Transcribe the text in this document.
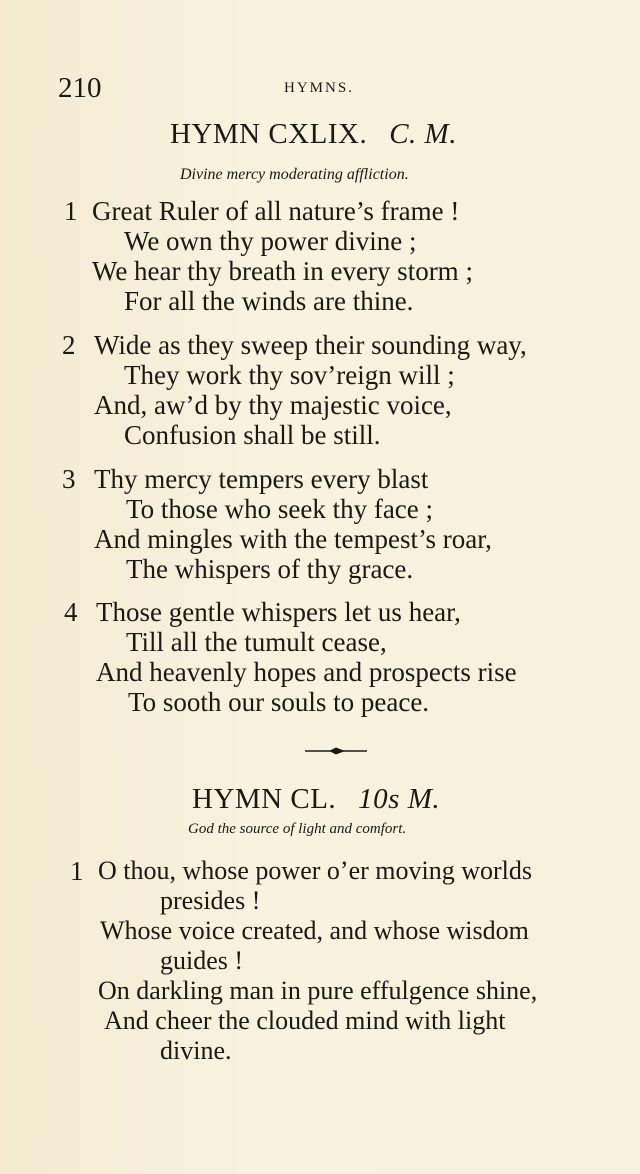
210	HYMNS.
HYMN CXLIX. C. M.
Divine mercy moderating affliction.
1 Great Ruler of all nature’s frame !
We own thy power divine ;
We hear thy breath in every storm ;
For all the winds are thine.
2 Wide as they sweep their sounding way,
They work thy sov’reign will ;
And, aw’d by thy majestic voice,
Confusion shall be still.
3 Thy mercy tempers every blast
To those who seek thy face ;
And mingles with the tempest’s roar,
The whispers of thy grace.
4 Those gentle whispers let us hear,
Till all the tumult cease,
And heavenly hopes and prospects rise
To sooth our souls to peace.
HYMN CL. 10s M.
God the source of light and comfort.
1 O thou, whose power o’er moving worlds
presides !
Whose voice created, and whose wisdom
guides !
On darkling man in pure effulgence shine,
And cheer the clouded mind with light
divine.
